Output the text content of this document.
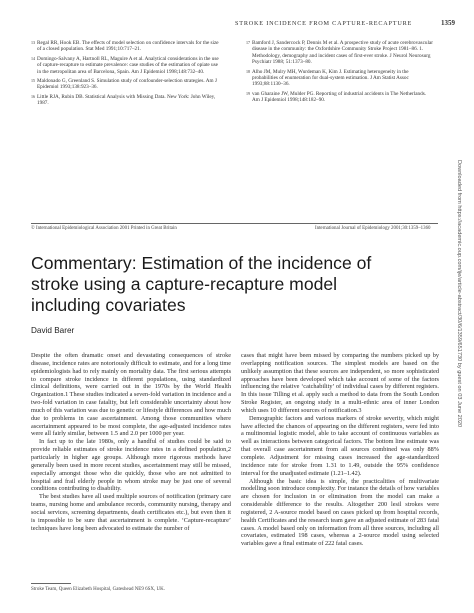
STROKE INCIDENCE FROM CAPTURE-RECAPTURE	1359
13 Regal RR, Hook EB. The effects of model selection on confidence intervals for the size of a closed population. Stat Med 1991;10:717–21.
14 Domingo-Salvany A, Hartnoll RL, Maguire A et al. Analytical considerations in the use of capture-recapture to estimate prevalence: case studies of the estimation of opiate use in the metropolitan area of Barcelona, Spain. Am J Epidemiol 1998;148:732–40.
15 Maldonado G, Greenland S. Simulation study of confounder-selection strategies. Am J Epidemiol 1993;138:923–36.
16 Little RJA, Rubin DB. Statistical Analysis with Missing Data. New York: John Wiley, 1987.
17 Bamford J, Sandercock P, Dennis M et al. A prospective study of acute cerebrovascular disease in the community: the Oxfordshire Community Stroke Project 1981–86. 1. Methodology, demography and incident cases of first-ever stroke. J Neurol Neurosurg Psychiatr 1988; 51:1373–80.
18 Alho JM, Mulry MH, Wurdeman K, Kim J. Estimating heterogeneity in the probabilities of enumeration for dual-system estimation. J Am Statist Assoc 1993;88:1130–36.
19 van Gharaine JW, Mulder PG. Reporting of industrial accidents in The Netherlands. Am J Epidemiol 1998;148:182–90.
© International Epidemiological Association 2001 Printed in Great Britain	International Journal of Epidemiology 2001;30:1359–1360
Commentary: Estimation of the incidence of stroke using a capture-recapture model including covariates
David Barer

Despite the often dramatic onset and devastating consequences of stroke disease, incidence rates are notoriously difficult to estimate, and for a long time epidemiologists had to rely mainly on mortality data. The first serious attempts to compare stroke incidence in different populations, using standardized clinical definitions, were carried out in the 1970s by the World Health Organization.1 These studies indicated a seven-fold variation in incidence and a two-fold variation in case fatality, but left considerable uncertainty about how much of this variation was due to genetic or lifestyle differences and how much due to problems in case ascertainment. Among those communities where ascertainment appeared to be most complete, the age-adjusted incidence rates were all fairly similar, between 1.5 and 2.0 per 1000 per year.

In fact up to the late 1980s, only a handful of studies could be said to provide reliable estimates of stroke incidence rates in a defined population,2 particularly in higher age groups. Although more rigorous methods have generally been used in more recent studies, ascertainment may still be missed, especially amongst those who die quickly, those who are not admitted to hospital and frail elderly people in whom stroke may be just one of several conditions contributing to disability.

The best studies have all used multiple sources of notification (primary care teams, nursing home and ambulance records, community nursing, therapy and social services, screening departments, death certificates etc.), but even then it is impossible to be sure that ascertainment is complete. ‘Capture-recapture’ techniques have long been advocated to estimate the number of

cases that might have been missed by comparing the numbers picked up by overlapping notification sources. The simplest models are based on the unlikely assumption that these sources are independent, so more sophisticated approaches have been developed which take account of some of the factors influencing the relative ‘catchability’ of individual cases by different registers. In this issue Tilling et al. apply such a method to data from the South London Stroke Register, an ongoing study in a multi-ethnic area of inner London which uses 10 different sources of notification.3

Demographic factors and various markers of stroke severity, which might have affected the chances of appearing on the different registers, were fed into a multinomial logistic model, able to take account of continuous variables as well as interactions between categorical factors. The bottom line estimate was that overall case ascertainment from all sources combined was only 88% complete. Adjustment for missing cases increased the age-standardized incidence rate for stroke from 1.31 to 1.49, outside the 95% confidence interval for the unadjusted estimate (1.21–1.42).

Although the basic idea is simple, the practicalities of multivariate modelling soon introduce complexity. For instance the details of how variables are chosen for inclusion in or elimination from the model can make a considerable difference to the results. Altogether 200 lesil strokes were registered, 2 A-source model based on cases picked up from hospital records, health Certificates and the research team gave an adjusted estimate of 283 fatal cases. A model based only on information from all three sources, including all covariates, estimated 198 cases, whereas a 2-source model using selected variables gave a final estimate of 222 fatal cases.

Stroke Team, Queen Elizabeth Hospital, Gateshead NE9 6SX, UK.
Downloaded from https://academic.oup.com/ije/article-abstract/30/6/1359/651730 by guest on 03 June 2020
